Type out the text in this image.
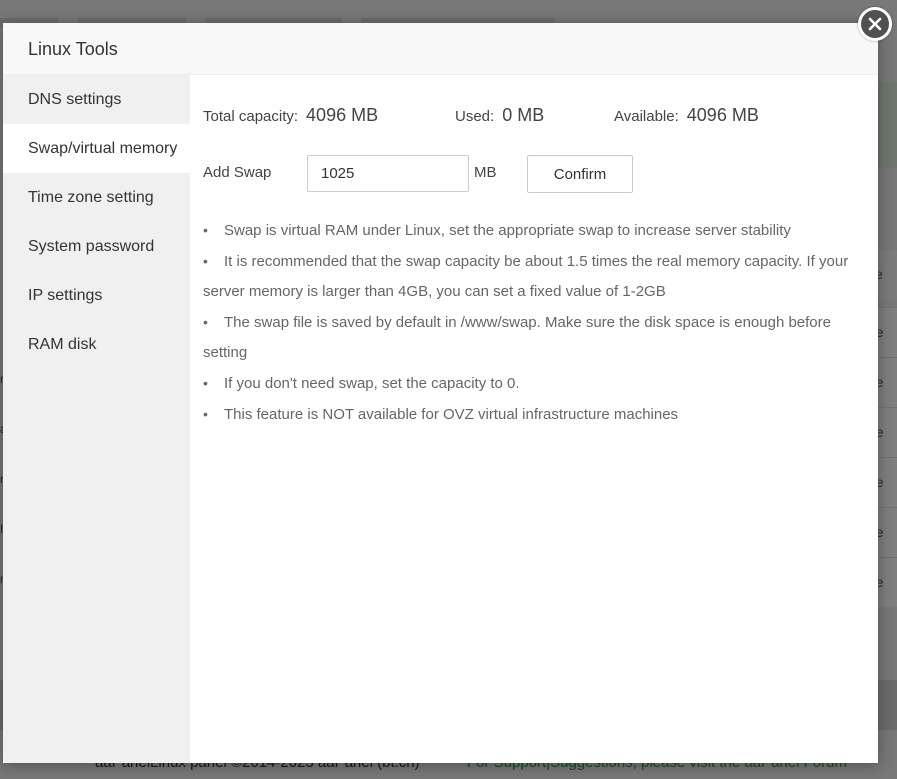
Linux Tools
DNS settings
Swap/virtual memory
Time zone setting
System password
IP settings
RAM disk
Total capacity: 4096 MB	Used: 0 MB	Available: 4096 MB
Add Swap
1025	MB	Confirm
• Swap is virtual RAM under Linux, set the appropriate swap to increase server stability
• It is recommended that the swap capacity be about 1.5 times the real memory capacity. If your server memory is larger than 4GB, you can set a fixed value of 1-2GB
• The swap file is saved by default in /www/swap. Make sure the disk space is enough before setting
• If you don't need swap, set the capacity to 0.
• This feature is NOT available for OVZ virtual infrastructure machines
